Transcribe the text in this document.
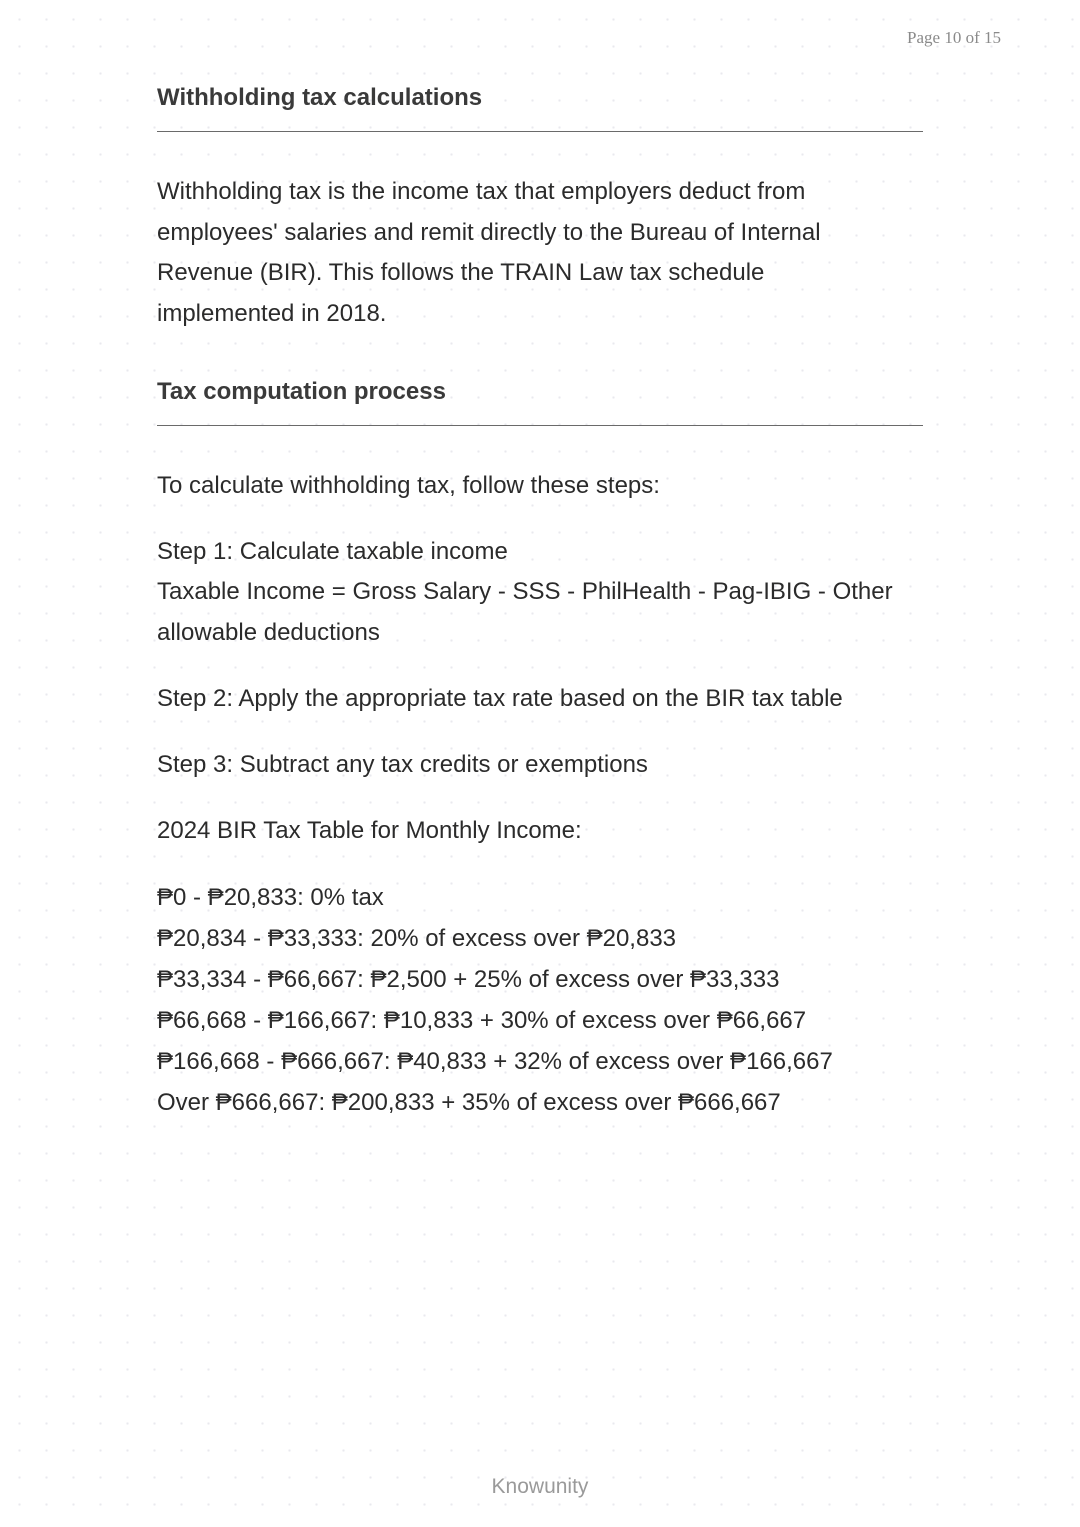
Page 10 of 15
Withholding tax calculations

Withholding tax is the income tax that employers deduct from employees' salaries and remit directly to the Bureau of Internal Revenue (BIR). This follows the TRAIN Law tax schedule implemented in 2018.

Tax computation process

To calculate withholding tax, follow these steps:

Step 1: Calculate taxable income

Taxable Income = Gross Salary - SSS - PhilHealth - Pag-IBIG - Other allowable deductions

Step 2: Apply the appropriate tax rate based on the BIR tax table

Step 3: Subtract any tax credits or exemptions

2024 BIR Tax Table for Monthly Income:

₱0 - ₱20,833: 0% tax
₱20,834 - ₱33,333: 20% of excess over ₱20,833
₱33,334 - ₱66,667: ₱2,500 + 25% of excess over ₱33,333
₱66,668 - ₱166,667: ₱10,833 + 30% of excess over ₱66,667
₱166,668 - ₱666,667: ₱40,833 + 32% of excess over ₱166,667
Over ₱666,667: ₱200,833 + 35% of excess over ₱666,667
Knowunity
